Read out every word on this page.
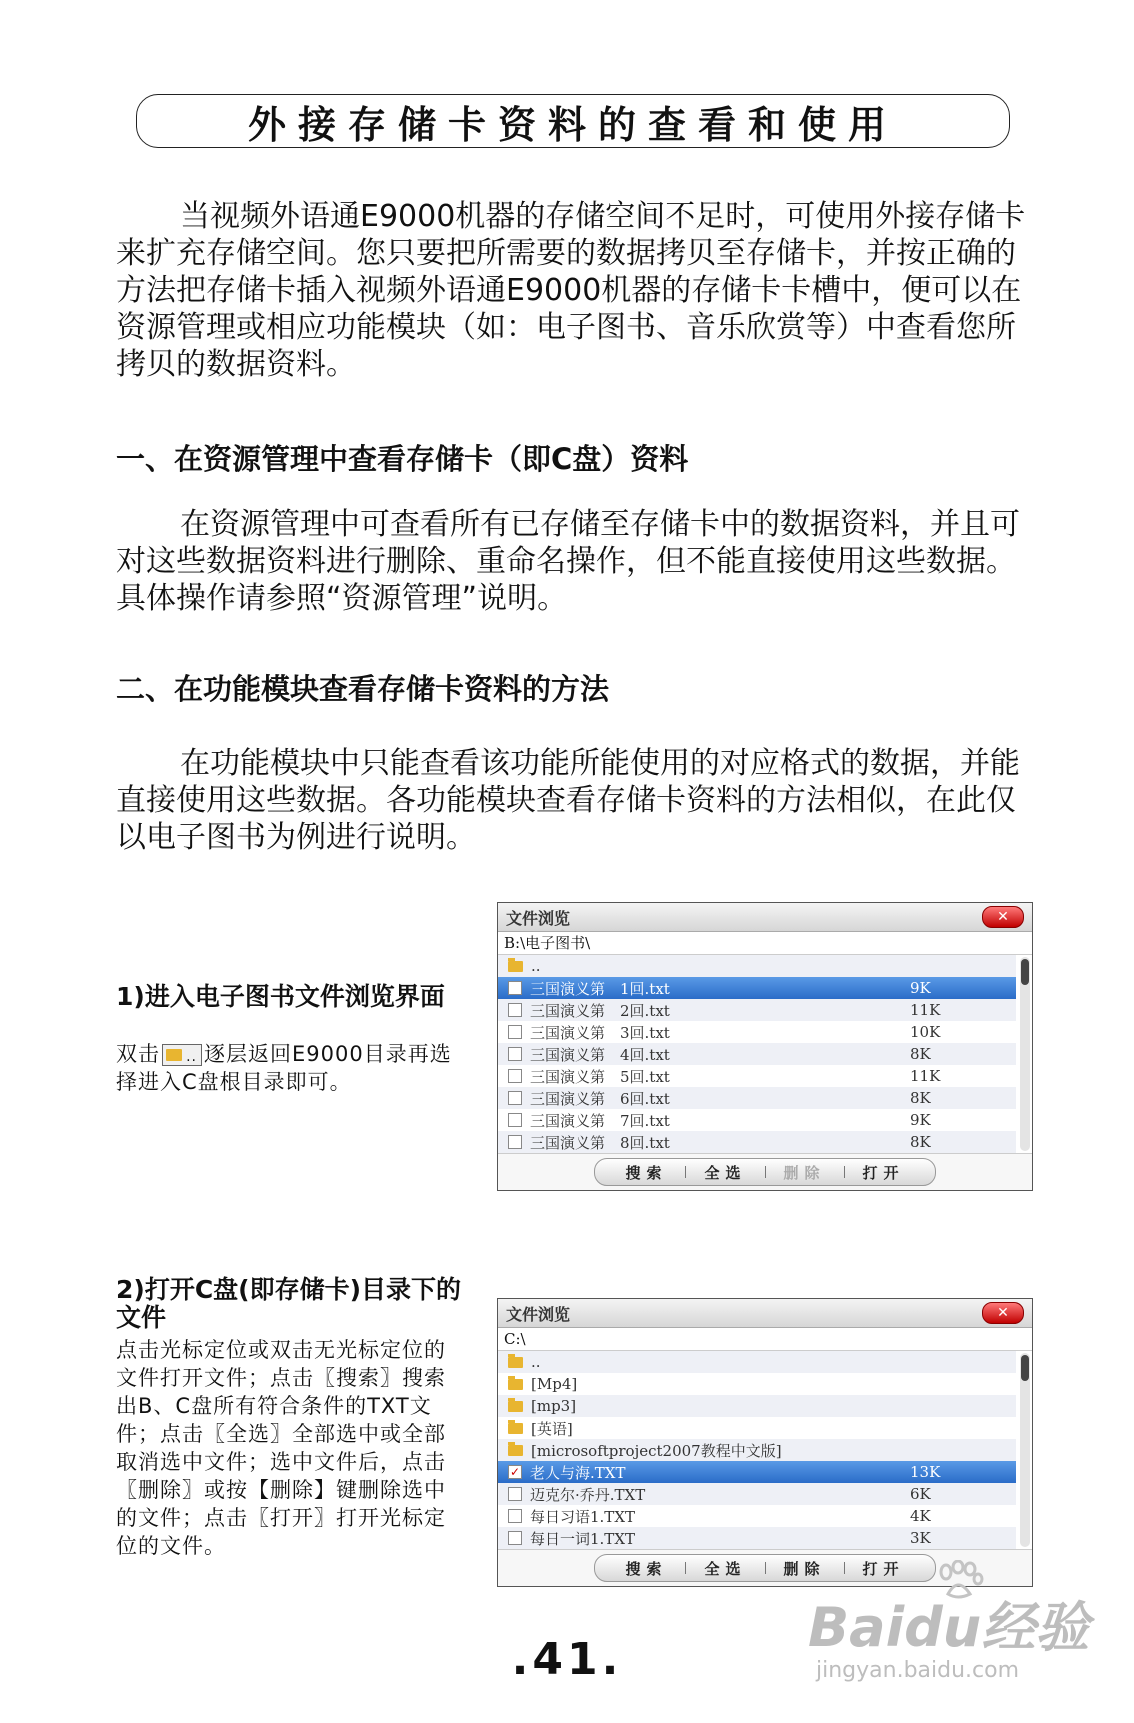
外接存储卡资料的查看和使用
当视频外语通E9000机器的存储空间不足时，可使用外接存储卡来扩充存储空间。您只要把所需要的数据拷贝至存储卡，并按正确的方法把存储卡插入视频外语通E9000机器的存储卡卡槽中，便可以在资源管理或相应功能模块（如：电子图书、音乐欣赏等）中查看您所拷贝的数据资料。
一、在资源管理中查看存储卡（即C盘）资料
在资源管理中可查看所有已存储至存储卡中的数据资料，并且可对这些数据资料进行删除、重命名操作，但不能直接使用这些数据。具体操作请参照“资源管理”说明。
二、在功能模块查看存储卡资料的方法
在功能模块中只能查看该功能所能使用的对应格式的数据，并能直接使用这些数据。各功能模块查看存储卡资料的方法相似，在此仅以电子图书为例进行说明。
1)进入电子图书文件浏览界面
双击.. 逐层返回E9000目录再选择进入C盘根目录即可。
文件浏览	✕
B:\电子图书\
..
三国演义第　1回.txt	9K
三国演义第　2回.txt	11K
三国演义第　3回.txt	10K
三国演义第　4回.txt	8K
三国演义第　5回.txt	11K
三国演义第　6回.txt	8K
三国演义第　7回.txt	9K
三国演义第　8回.txt	8K
搜索	全选	删除	打开
2)打开C盘(即存储卡)目录下的文件
点击光标定位或双击无光标定位的文件打开文件；点击〖搜索〗搜索出B、C盘所有符合条件的TXT文件；点击〖全选〗全部选中或全部取消选中文件；选中文件后，点击〖删除〗或按【删除】键删除选中的文件；点击〖打开〗打开光标定位的文件。
文件浏览	✕
C:\
..
[Mp4]
[mp3]
[英语]
[microsoftproject2007教程中文版]
✓ 老人与海.TXT	13K
迈克尔·乔丹.TXT	6K
每日习语1.TXT	4K
每日一词1.TXT	3K
搜索	全选	删除	打开
.41.
Baidu经验
jingyan.baidu.com
